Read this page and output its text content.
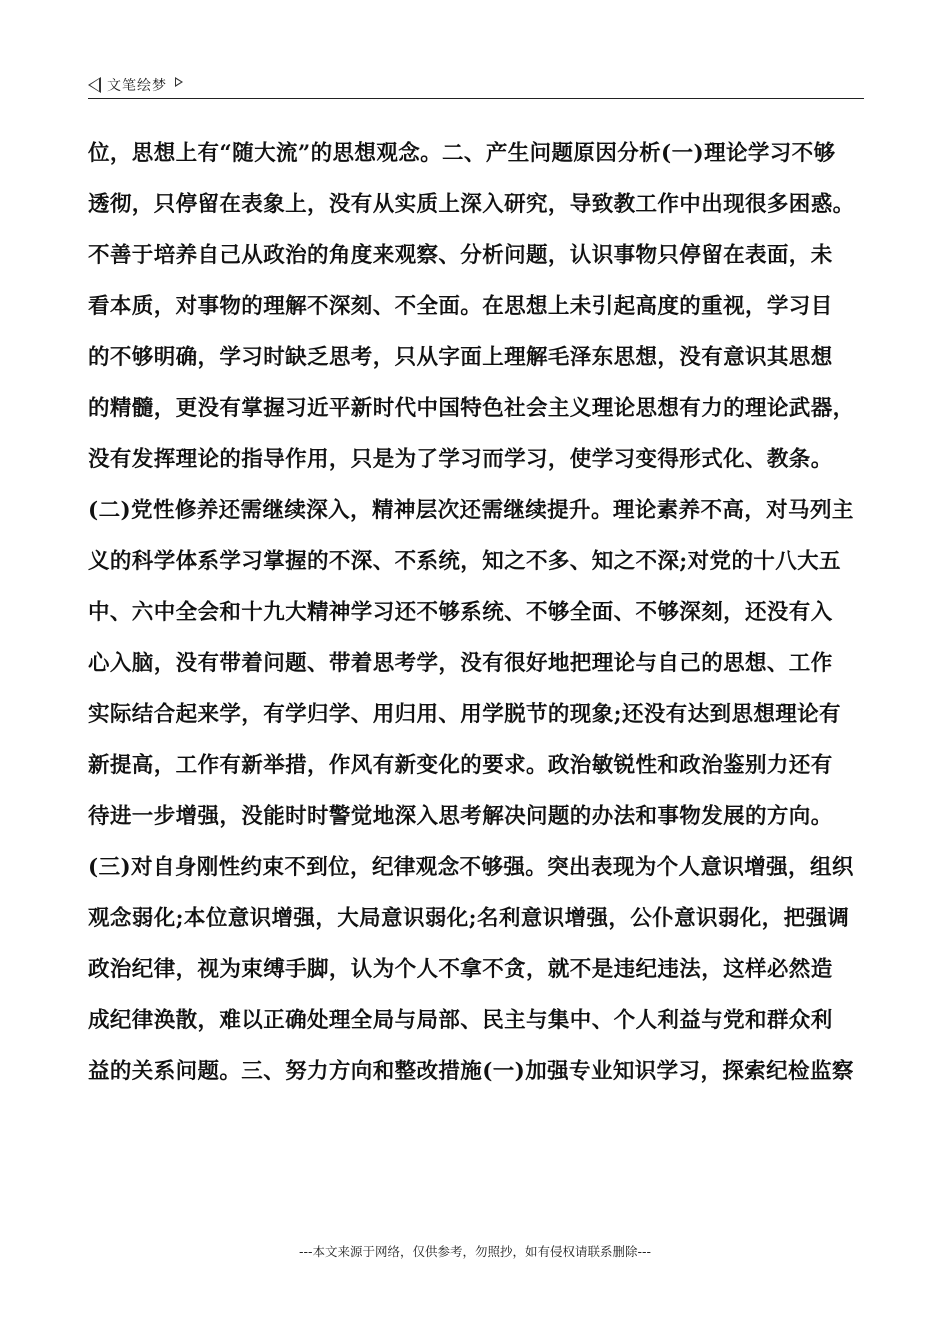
文笔绘梦
位，思想上有“随大流”的思想观念。二、产生问题原因分析(一)理论学习不够
透彻，只停留在表象上，没有从实质上深入研究，导致教工作中出现很多困惑。
不善于培养自己从政治的角度来观察、分析问题，认识事物只停留在表面，未
看本质，对事物的理解不深刻、不全面。在思想上未引起高度的重视，学习目
的不够明确，学习时缺乏思考，只从字面上理解毛泽东思想，没有意识其思想
的精髓，更没有掌握习近平新时代中国特色社会主义理论思想有力的理论武器，
没有发挥理论的指导作用，只是为了学习而学习，使学习变得形式化、教条。
(二)党性修养还需继续深入，精神层次还需继续提升。理论素养不高，对马列主
义的科学体系学习掌握的不深、不系统，知之不多、知之不深;对党的十八大五
中、六中全会和十九大精神学习还不够系统、不够全面、不够深刻，还没有入
心入脑，没有带着问题、带着思考学，没有很好地把理论与自己的思想、工作
实际结合起来学，有学归学、用归用、用学脱节的现象;还没有达到思想理论有
新提高，工作有新举措，作风有新变化的要求。政治敏锐性和政治鉴别力还有
待进一步增强，没能时时警觉地深入思考解决问题的办法和事物发展的方向。
(三)对自身刚性约束不到位，纪律观念不够强。突出表现为个人意识增强，组织
观念弱化;本位意识增强，大局意识弱化;名利意识增强，公仆意识弱化，把强调
政治纪律，视为束缚手脚，认为个人不拿不贪，就不是违纪违法，这样必然造
成纪律涣散，难以正确处理全局与局部、民主与集中、个人利益与党和群众利
益的关系问题。三、努力方向和整改措施(一)加强专业知识学习，探索纪检监察
---本文来源于网络，仅供参考，勿照抄，如有侵权请联系删除---
